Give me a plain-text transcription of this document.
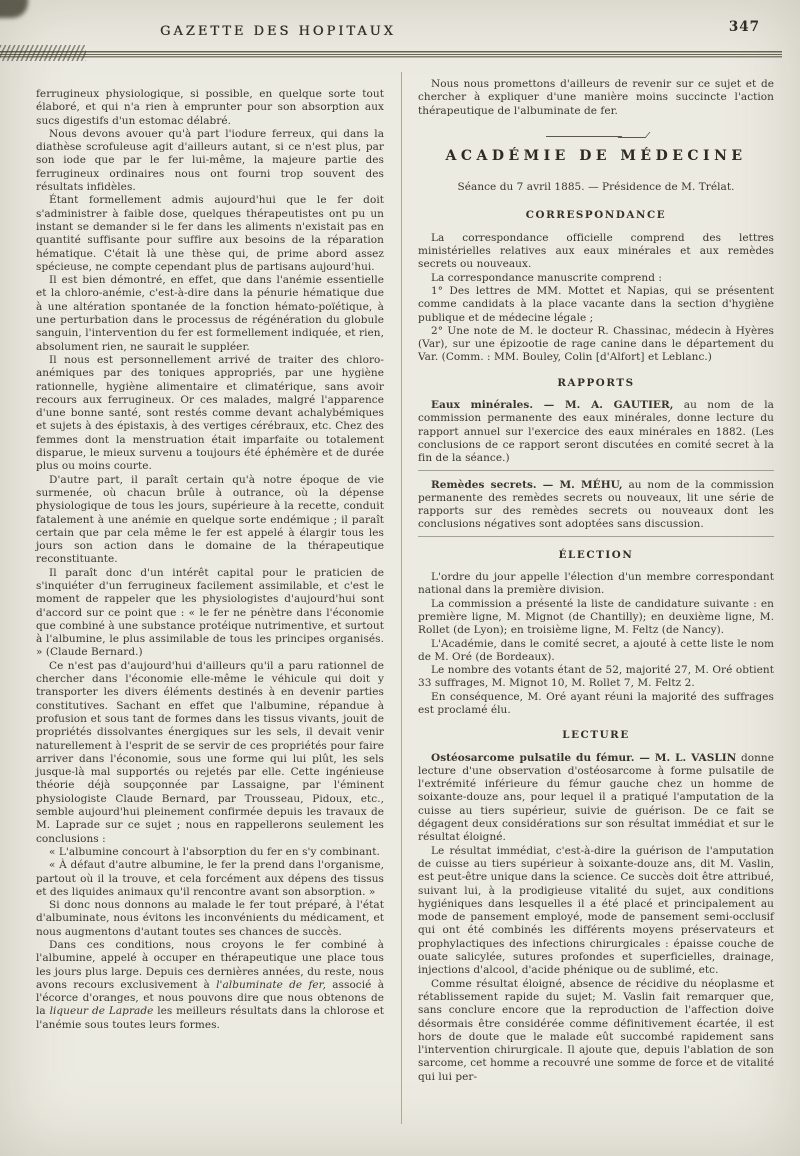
GAZETTE DES HOPITAUX	347

ferrugineux physiologique, si possible, en quelque sorte tout élaboré, et qui n'a rien à emprunter pour son absorption aux sucs digestifs d'un estomac délabré.

Nous devons avouer qu'à part l'iodure ferreux, qui dans la diathèse scrofuleuse agit d'ailleurs autant, si ce n'est plus, par son iode que par le fer lui-même, la majeure partie des ferrugineux ordinaires nous ont fourni trop souvent des résultats infidèles.

Étant formellement admis aujourd'hui que le fer doit s'administrer à faible dose, quelques thérapeutistes ont pu un instant se demander si le fer dans les aliments n'existait pas en quantité suffisante pour suffire aux besoins de la réparation hématique. C'était là une thèse qui, de prime abord assez spécieuse, ne compte cependant plus de partisans aujourd'hui.

Il est bien démontré, en effet, que dans l'anémie essentielle et la chloro-anémie, c'est-à-dire dans la pénurie hématique due à une altération spontanée de la fonction hémato-poïétique, à une perturbation dans le processus de régénération du globule sanguin, l'intervention du fer est formellement indiquée, et rien, absolument rien, ne saurait le suppléer.

Il nous est personnellement arrivé de traiter des chloro-anémiques par des toniques appropriés, par une hygiène rationnelle, hygiène alimentaire et climatérique, sans avoir recours aux ferrugineux. Or ces malades, malgré l'apparence d'une bonne santé, sont restés comme devant achalybémiques et sujets à des épistaxis, à des vertiges cérébraux, etc. Chez des femmes dont la menstruation était imparfaite ou totalement disparue, le mieux survenu a toujours été éphémère et de durée plus ou moins courte.

D'autre part, il paraît certain qu'à notre époque de vie surmenée, où chacun brûle à outrance, où la dépense physiologique de tous les jours, supérieure à la recette, conduit fatalement à une anémie en quelque sorte endémique ; il paraît certain que par cela même le fer est appelé à élargir tous les jours son action dans le domaine de la thérapeutique reconstituante.

Il paraît donc d'un intérêt capital pour le praticien de s'inquiéter d'un ferrugineux facilement assimilable, et c'est le moment de rappeler que les physiologistes d'aujourd'hui sont d'accord sur ce point que : « le fer ne pénètre dans l'économie que combiné à une substance protéique nutrimentive, et surtout à l'albumine, le plus assimilable de tous les principes organisés. » (Claude Bernard.)

Ce n'est pas d'aujourd'hui d'ailleurs qu'il a paru rationnel de chercher dans l'économie elle-même le véhicule qui doit y transporter les divers éléments destinés à en devenir parties constitutives. Sachant en effet que l'albumine, répandue à profusion et sous tant de formes dans les tissus vivants, jouit de propriétés dissolvantes énergiques sur les sels, il devait venir naturellement à l'esprit de se servir de ces propriétés pour faire arriver dans l'économie, sous une forme qui lui plût, les sels jusque-là mal supportés ou rejetés par elle. Cette ingénieuse théorie déjà soupçonnée par Lassaigne, par l'éminent physiologiste Claude Bernard, par Trousseau, Pidoux, etc., semble aujourd'hui pleinement confirmée depuis les travaux de M. Laprade sur ce sujet ; nous en rappellerons seulement les conclusions :

« L'albumine concourt à l'absorption du fer en s'y combinant.

« À défaut d'autre albumine, le fer la prend dans l'organisme, partout où il la trouve, et cela forcément aux dépens des tissus et des liquides animaux qu'il rencontre avant son absorption. »

Si donc nous donnons au malade le fer tout préparé, à l'état d'albuminate, nous évitons les inconvénients du médicament, et nous augmentons d'autant toutes ses chances de succès.

Dans ces conditions, nous croyons le fer combiné à l'albumine, appelé à occuper en thérapeutique une place tous les jours plus large. Depuis ces dernières années, du reste, nous avons recours exclusivement à l'albuminate de fer, associé à l'écorce d'oranges, et nous pouvons dire que nous obtenons de la liqueur de Laprade les meilleurs résultats dans la chlorose et l'anémie sous toutes leurs formes.

Nous nous promettons d'ailleurs de revenir sur ce sujet et de chercher à expliquer d'une manière moins succincte l'action thérapeutique de l'albuminate de fer.

ACADÉMIE DE MÉDECINE

Séance du 7 avril 1885. — Présidence de M. Trélat.

CORRESPONDANCE

La correspondance officielle comprend des lettres ministérielles relatives aux eaux minérales et aux remèdes secrets ou nouveaux.

La correspondance manuscrite comprend :

1° Des lettres de MM. Mottet et Napias, qui se présentent comme candidats à la place vacante dans la section d'hygiène publique et de médecine légale ;

2° Une note de M. le docteur R. Chassinac, médecin à Hyères (Var), sur une épizootie de rage canine dans le département du Var. (Comm. : MM. Bouley, Colin [d'Alfort] et Leblanc.)

RAPPORTS

Eaux minérales. — M. A. GAUTIER, au nom de la commission permanente des eaux minérales, donne lecture du rapport annuel sur l'exercice des eaux minérales en 1882. (Les conclusions de ce rapport seront discutées en comité secret à la fin de la séance.)

Remèdes secrets. — M. MÉHU, au nom de la commission permanente des remèdes secrets ou nouveaux, lit une série de rapports sur des remèdes secrets ou nouveaux dont les conclusions négatives sont adoptées sans discussion.

ÉLECTION

L'ordre du jour appelle l'élection d'un membre correspondant national dans la première division.

La commission a présenté la liste de candidature suivante : en première ligne, M. Mignot (de Chantilly); en deuxième ligne, M. Rollet (de Lyon); en troisième ligne, M. Feltz (de Nancy).

L'Académie, dans le comité secret, a ajouté à cette liste le nom de M. Oré (de Bordeaux).

Le nombre des votants étant de 52, majorité 27, M. Oré obtient 33 suffrages, M. Mignot 10, M. Rollet 7, M. Feltz 2.

En conséquence, M. Oré ayant réuni la majorité des suffrages est proclamé élu.

LECTURE

Ostéosarcome pulsatile du fémur. — M. L. VASLIN donne lecture d'une observation d'ostéosarcome à forme pulsatile de l'extrémité inférieure du fémur gauche chez un homme de soixante-douze ans, pour lequel il a pratiqué l'amputation de la cuisse au tiers supérieur, suivie de guérison. De ce fait se dégagent deux considérations sur son résultat immédiat et sur le résultat éloigné.

Le résultat immédiat, c'est-à-dire la guérison de l'amputation de cuisse au tiers supérieur à soixante-douze ans, dit M. Vaslin, est peut-être unique dans la science. Ce succès doit être attribué, suivant lui, à la prodigieuse vitalité du sujet, aux conditions hygiéniques dans lesquelles il a été placé et principalement au mode de pansement employé, mode de pansement semi-occlusif qui ont été combinés les différents moyens préservateurs et prophylactiques des infections chirurgicales : épaisse couche de ouate salicylée, sutures profondes et superficielles, drainage, injections d'alcool, d'acide phénique ou de sublimé, etc.

Comme résultat éloigné, absence de récidive du néoplasme et rétablissement rapide du sujet; M. Vaslin fait remarquer que, sans conclure encore que la reproduction de l'affection doive désormais être considérée comme définitivement écartée, il est hors de doute que le malade eût succombé rapidement sans l'intervention chirurgicale. Il ajoute que, depuis l'ablation de son sarcome, cet homme a recouvré une somme de force et de vitalité qui lui per-
